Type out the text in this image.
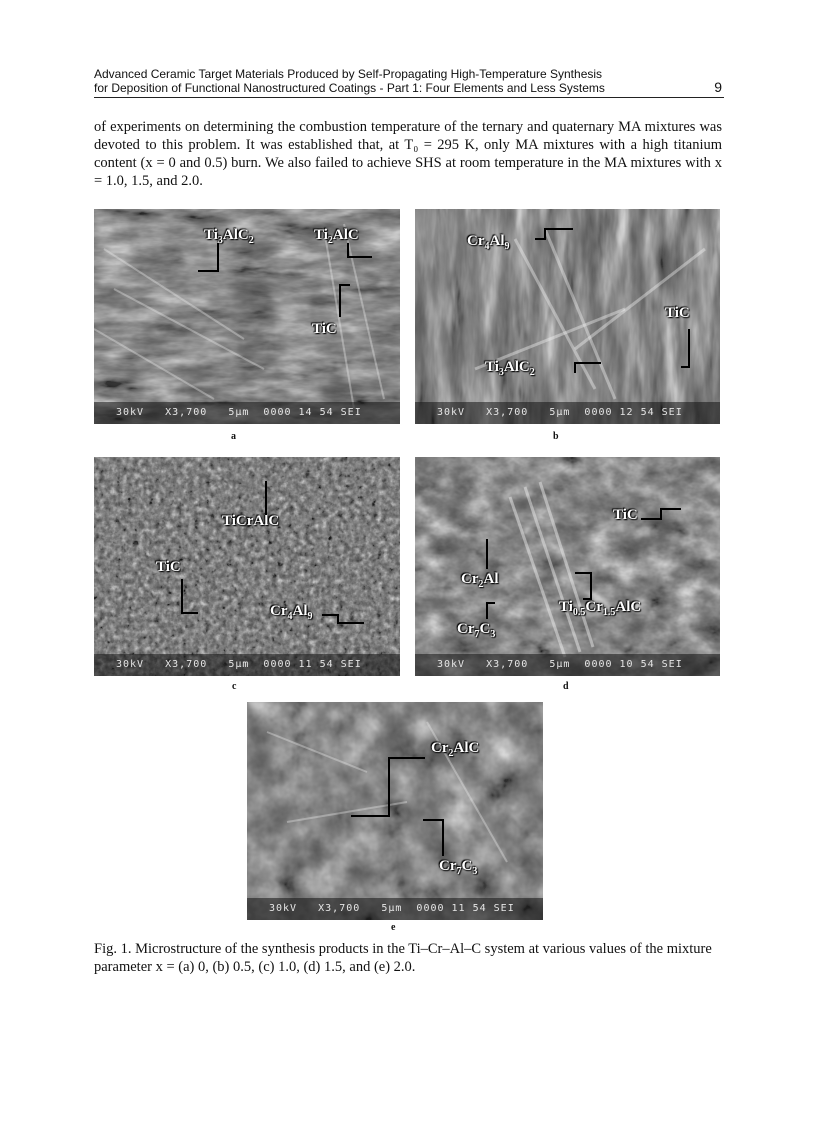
Advanced Ceramic Target Materials Produced by Self-Propagating High-Temperature Synthesis
for Deposition of Functional Nanostructured Coatings - Part 1: Four Elements and Less Systems	9

of experiments on determining the combustion temperature of the ternary and quaternary MA mixtures was devoted to this problem. It was established that, at T₀ = 295 K, only MA mixtures with a high titanium content (x = 0 and 0.5) burn. We also failed to achieve SHS at room temperature in the MA mixtures with x = 1.0, 1.5, and 2.0.

$Ti_3AlC_2$	$Ti_2AlC$
TiC
30kV   X3,700   5μm  0000 14 54 SEI
a
$Cr_4Al_9$
TiC
$Ti_3AlC_2$
30kV   X3,700   5μm  0000 12 54 SEI
b
TiCrAlC
TiC
$Cr_4Al_9$
30kV   X3,700   5μm  0000 11 54 SEI
c
TiC
$Cr_2Al$
$Ti_{0.5}Cr_{1.5}AlC$
$Cr_7C_3$
30kV   X3,700   5μm  0000 10 54 SEI
d
$Cr_2AlC$
$Cr_7C_3$
30kV   X3,700   5μm  0000 11 54 SEI
e

Fig. 1. Microstructure of the synthesis products in the Ti–Cr–Al–C system at various values of the mixture parameter x = (a) 0, (b) 0.5, (c) 1.0, (d) 1.5, and (e) 2.0.
